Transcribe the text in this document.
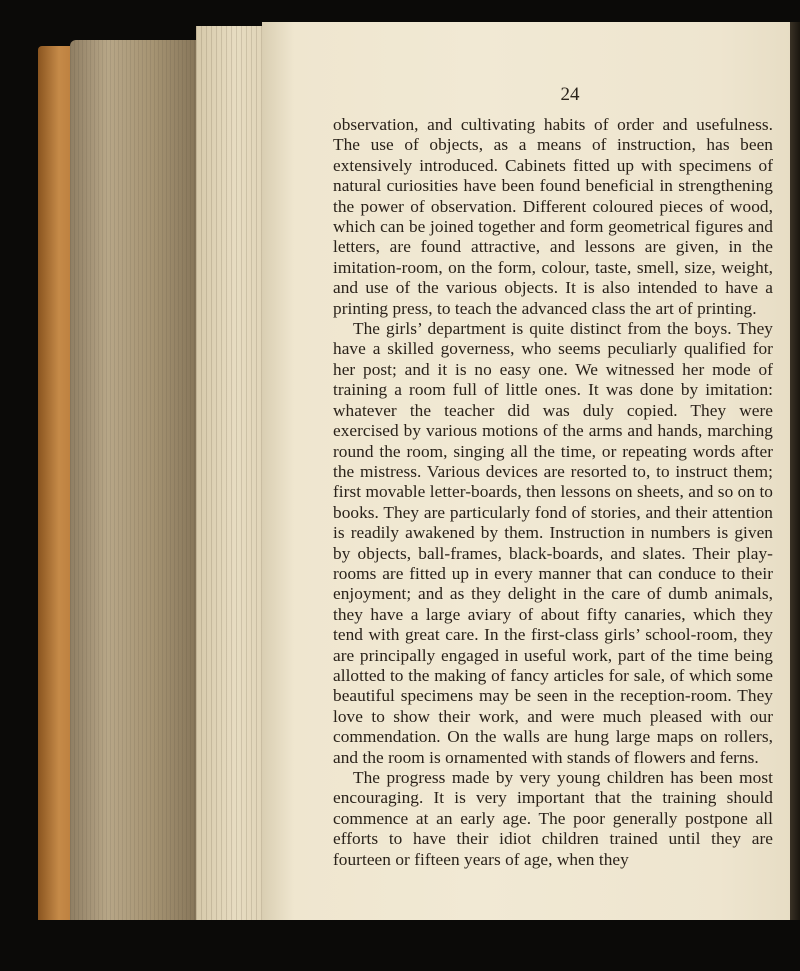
24

observation, and cultivating habits of order and usefulness. The use of objects, as a means of instruction, has been extensively introduced. Cabinets fitted up with specimens of natural curiosities have been found beneficial in strengthening the power of observation. Different coloured pieces of wood, which can be joined together and form geometrical figures and letters, are found attractive, and lessons are given, in the imitation-room, on the form, colour, taste, smell, size, weight, and use of the various objects. It is also intended to have a printing press, to teach the advanced class the art of printing.

The girls’ department is quite distinct from the boys. They have a skilled governess, who seems peculiarly qualified for her post; and it is no easy one. We witnessed her mode of training a room full of little ones. It was done by imitation: whatever the teacher did was duly copied. They were exercised by various motions of the arms and hands, marching round the room, singing all the time, or repeating words after the mistress. Various devices are resorted to, to instruct them; first movable letter-boards, then lessons on sheets, and so on to books. They are particularly fond of stories, and their attention is readily awakened by them. Instruction in numbers is given by objects, ball-frames, black-boards, and slates. Their play-rooms are fitted up in every manner that can conduce to their enjoyment; and as they delight in the care of dumb animals, they have a large aviary of about fifty canaries, which they tend with great care. In the first-class girls’ school-room, they are principally engaged in useful work, part of the time being allotted to the making of fancy articles for sale, of which some beautiful specimens may be seen in the reception-room. They love to show their work, and were much pleased with our commendation. On the walls are hung large maps on rollers, and the room is ornamented with stands of flowers and ferns.

The progress made by very young children has been most encouraging. It is very important that the training should commence at an early age. The poor generally postpone all efforts to have their idiot children trained until they are fourteen or fifteen years of age, when they
